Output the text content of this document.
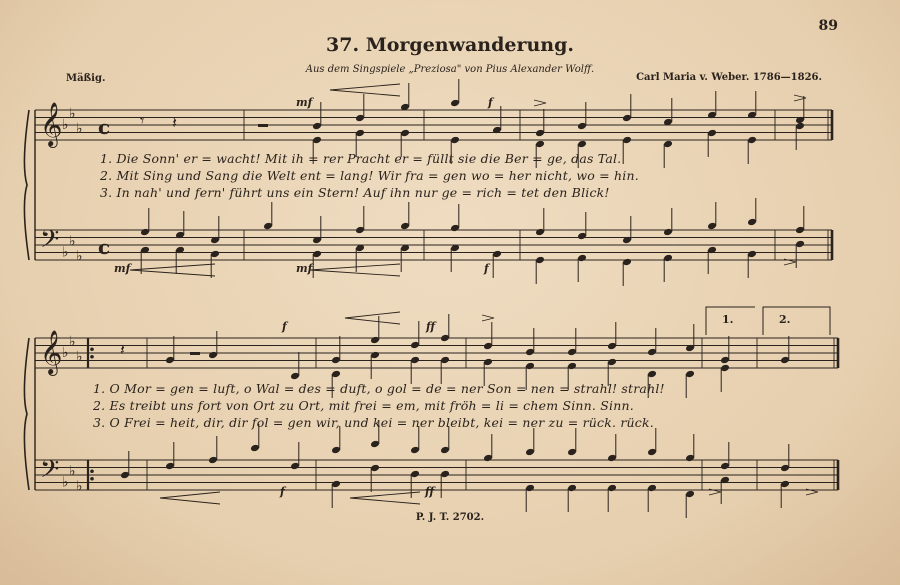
𝄞
𝄢
♭
♭
♭
♭
♭
♭
c
c
𝄞
𝄢
♭
♭
♭
♭
♭
♭
𝄾 𝄽
𝄽
89
37. Morgenwanderung.
Aus dem Singspiele „Preziosa" von Pius Alexander Wolff.
Mäßig.	Carl Maria v. Weber. 1786—1826.
mf	f
mf	mf	f
f	ff
f	ff
1.	2.
1. Die Sonn' er = wacht! Mit ih = rer Pracht er = füllt sie die Ber = ge, das Tal.
2. Mit Sing und Sang die Welt ent = lang! Wir fra = gen wo = her nicht, wo = hin.
3. In nah' und fern' führt uns ein Stern! Auf ihn nur ge = rich = tet den Blick!
1. O Mor = gen = luft, o Wal = des = duft, o gol = de = ner Son = nen = strahl! strahl!
2. Es treibt uns fort von Ort zu Ort, mit frei = em, mit fröh = li = chem Sinn. Sinn.
3. O Frei = heit, dir, dir fol = gen wir, und kei = ner bleibt, kei = ner zu = rück. rück.
P. J. T. 2702.
